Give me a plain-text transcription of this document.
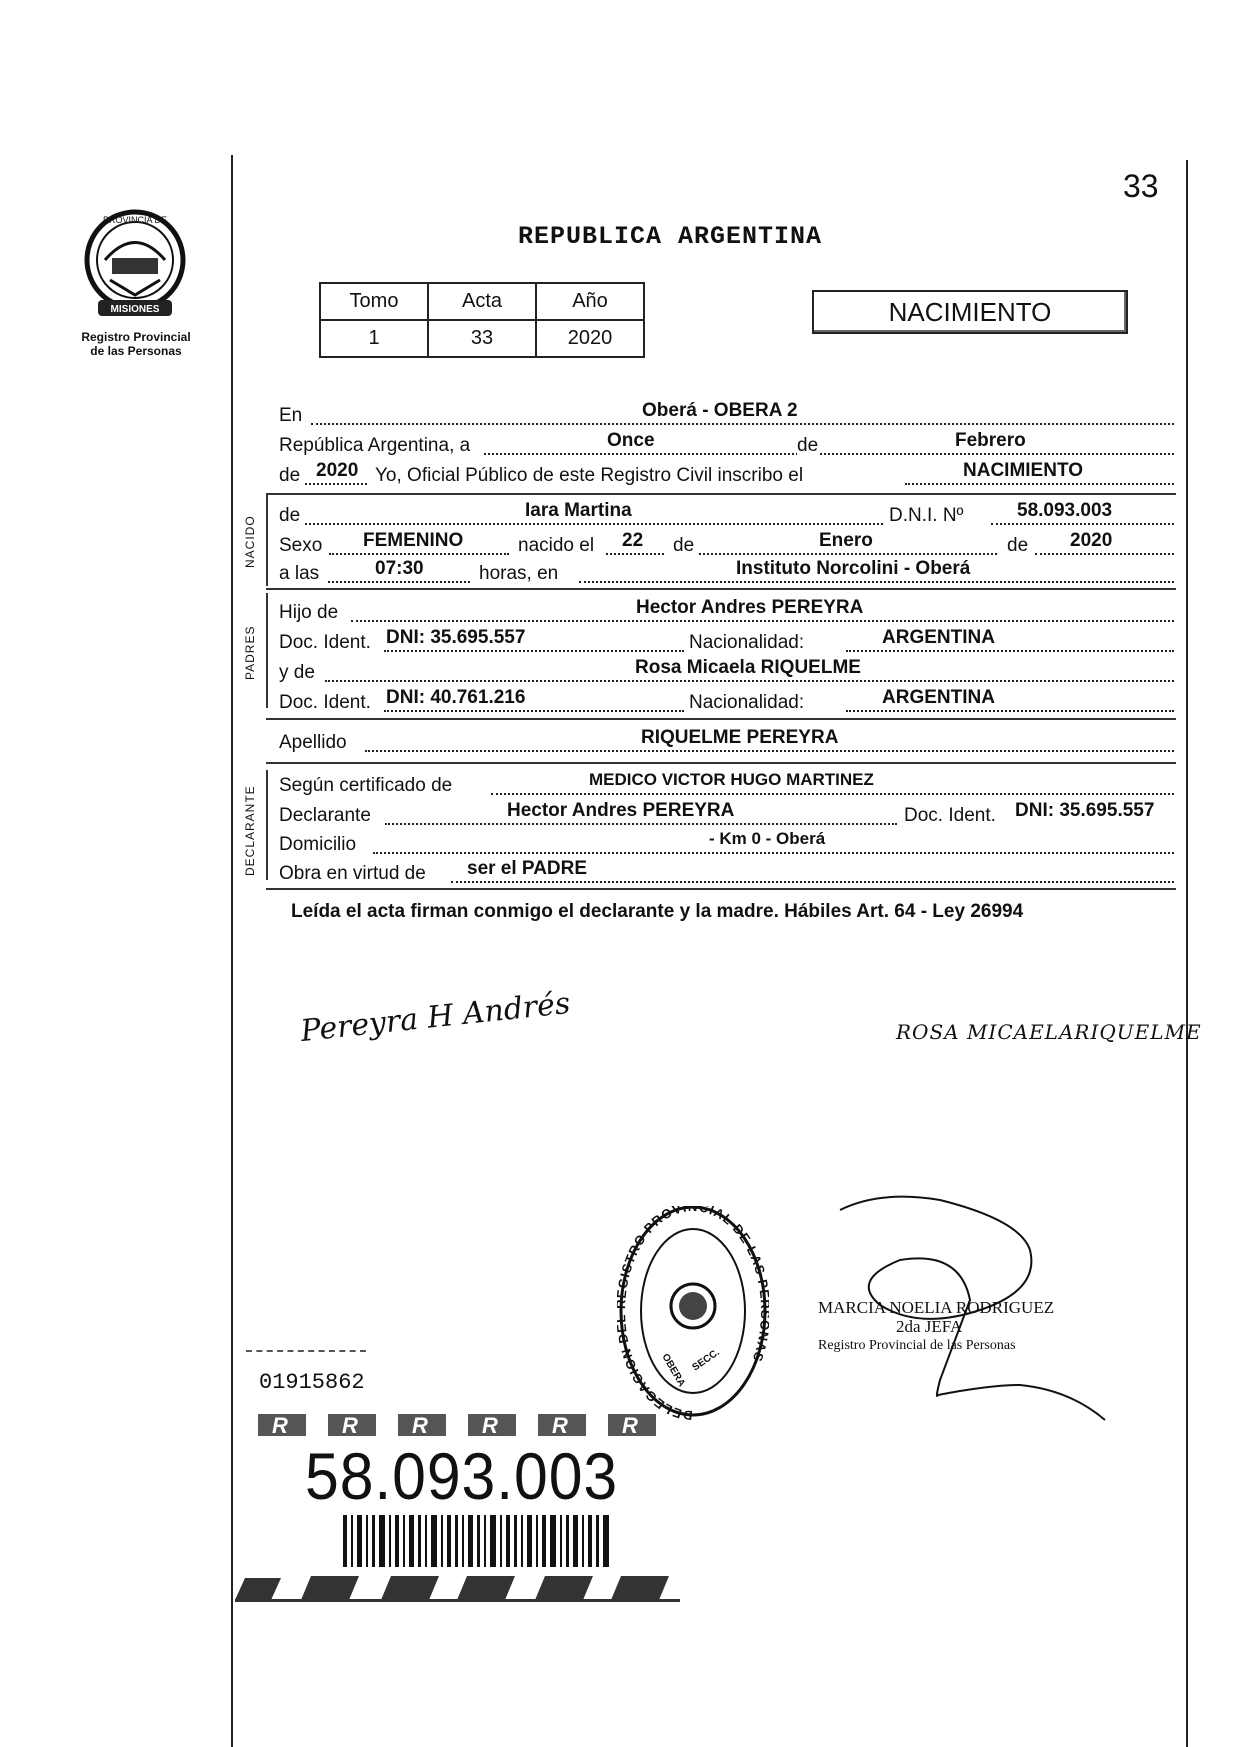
33
PROVINCIA DE
MISIONES
Registro Provincial
de las Personas
REPUBLICA ARGENTINA
Tomo	Acta	Año
1	33	2020
NACIMIENTO
En	Oberá - OBERA 2
República Argentina, a	Once	de	Febrero
de 2020 Yo, Oficial Público de este Registro Civil inscribo el	NACIMIENTO
NACIDO de	Iara Martina	D.N.I. Nº	58.093.003
Sexo FEMENINO	nacido el 22 de	Enero	de 2020
a las	07:30	horas, en	Instituto Norcolini - Oberá
PADRES
Hijo de	Hector Andres PEREYRA
Doc. Ident. DNI: 35.695.557	Nacionalidad:	ARGENTINA
y de	Rosa Micaela RIQUELME
Doc. Ident. DNI: 40.761.216	Nacionalidad:	ARGENTINA
Apellido	RIQUELME PEREYRA
DECLARANTE Según certificado de	MEDICO VICTOR HUGO MARTINEZ
Declarante	Hector Andres PEREYRA	Doc. Ident. DNI: 35.695.557
Domicilio	- Km 0 - Oberá
Obra en virtud de ser el PADRE
Leída el acta firman conmigo el declarante y la madre. Hábiles Art. 64 - Ley 26994
Pereyra H Andrés	ROSA MICAELARIQUELME
DELEGACION ISTRO PROVINCIAL DE LAS AS
OBERA SECC.
MARCIA NOELIA RODRIGUEZ
2da JEFA
Registro Provincial de las Personas
01915862
R R R R R R
58.093.003
